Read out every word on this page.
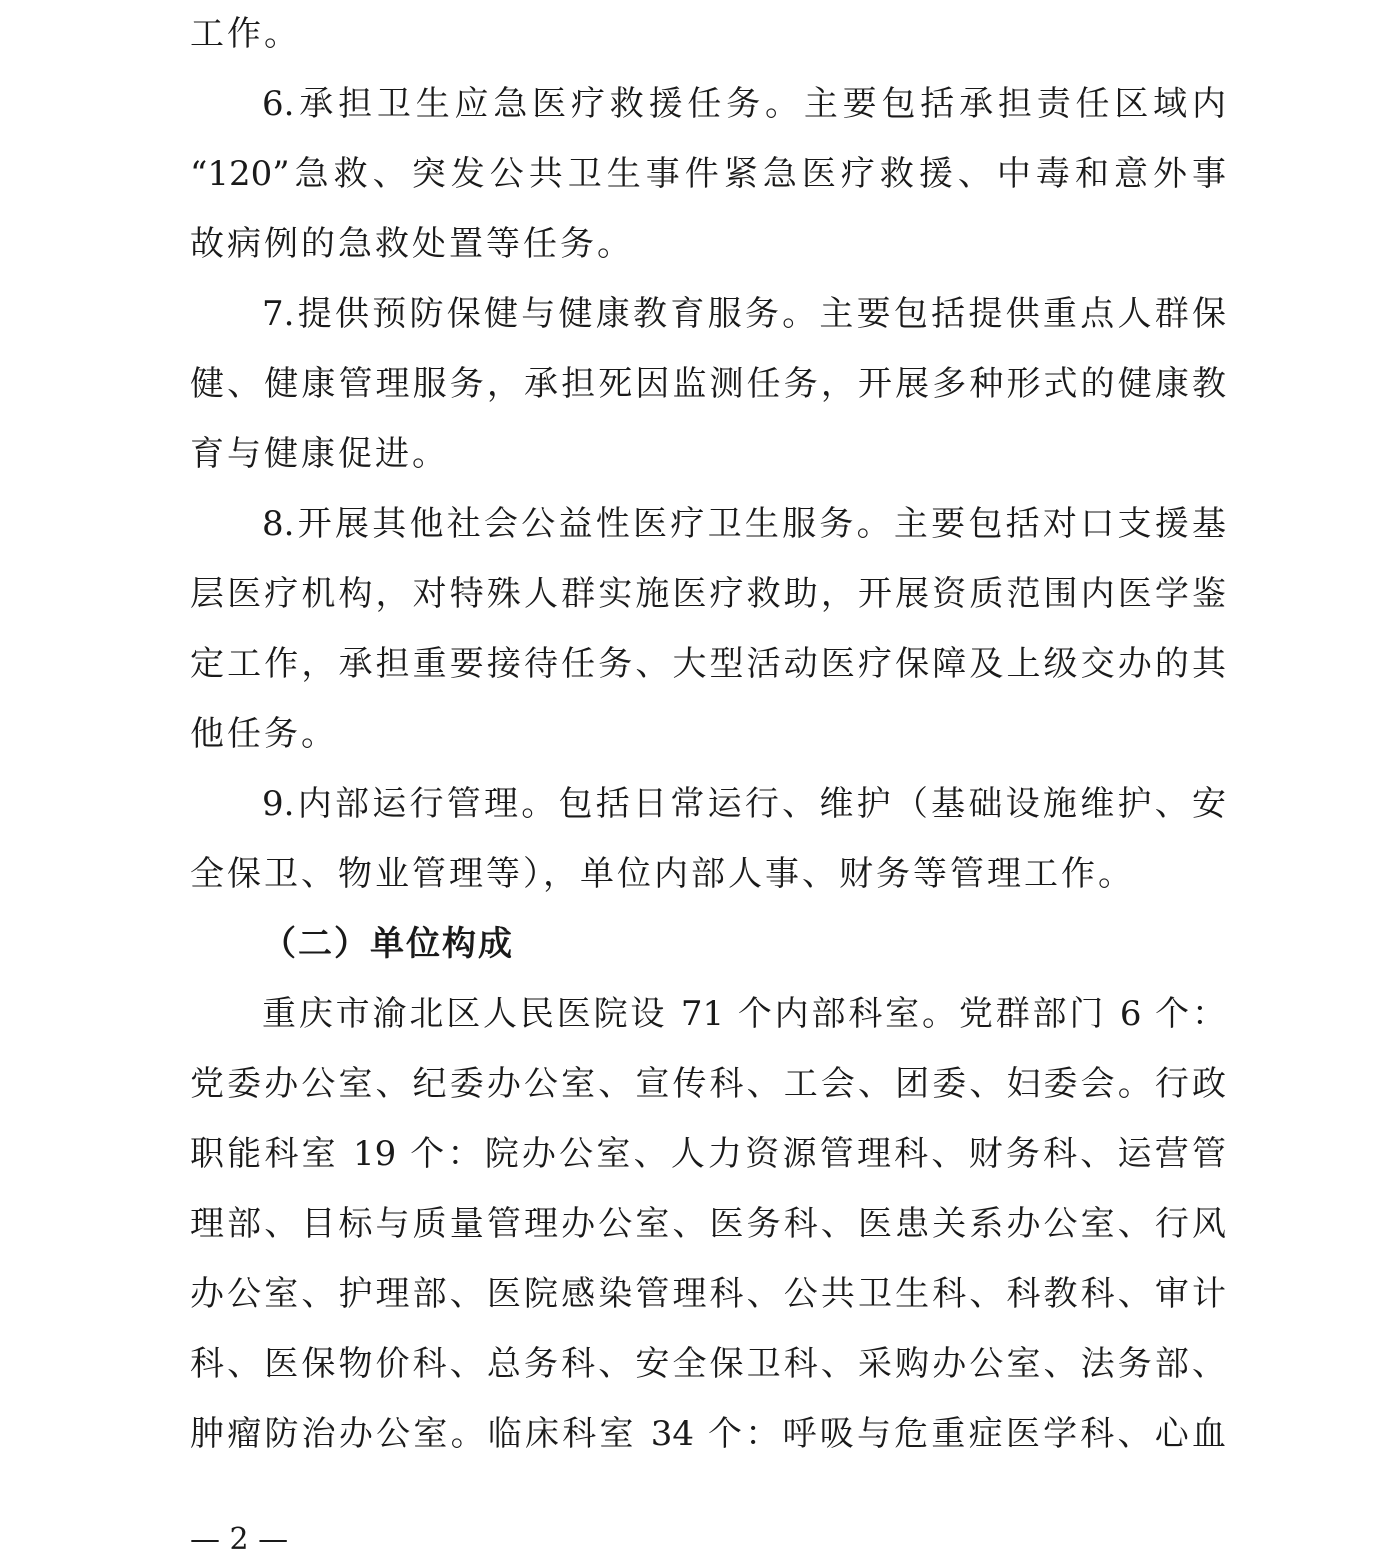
工作。
6.承担卫生应急医疗救援任务。主要包括承担责任区域内
“120”急救、突发公共卫生事件紧急医疗救援、中毒和意外事
故病例的急救处置等任务。
7.提供预防保健与健康教育服务。主要包括提供重点人群保
健、健康管理服务，承担死因监测任务，开展多种形式的健康教
育与健康促进。
8.开展其他社会公益性医疗卫生服务。主要包括对口支援基
层医疗机构，对特殊人群实施医疗救助，开展资质范围内医学鉴
定工作，承担重要接待任务、大型活动医疗保障及上级交办的其
他任务。
9.内部运行管理。包括日常运行、维护（基础设施维护、安
全保卫、物业管理等），单位内部人事、财务等管理工作。
（二）单位构成
重庆市渝北区人民医院设 71 个内部科室。党群部门 6 个：
党委办公室、纪委办公室、宣传科、工会、团委、妇委会。行政
职能科室 19 个：院办公室、人力资源管理科、财务科、运营管
理部、目标与质量管理办公室、医务科、医患关系办公室、行风
办公室、护理部、医院感染管理科、公共卫生科、科教科、审计
科、医保物价科、总务科、安全保卫科、采购办公室、法务部、
肿瘤防治办公室。临床科室 34 个：呼吸与危重症医学科、心血
— 2 —
